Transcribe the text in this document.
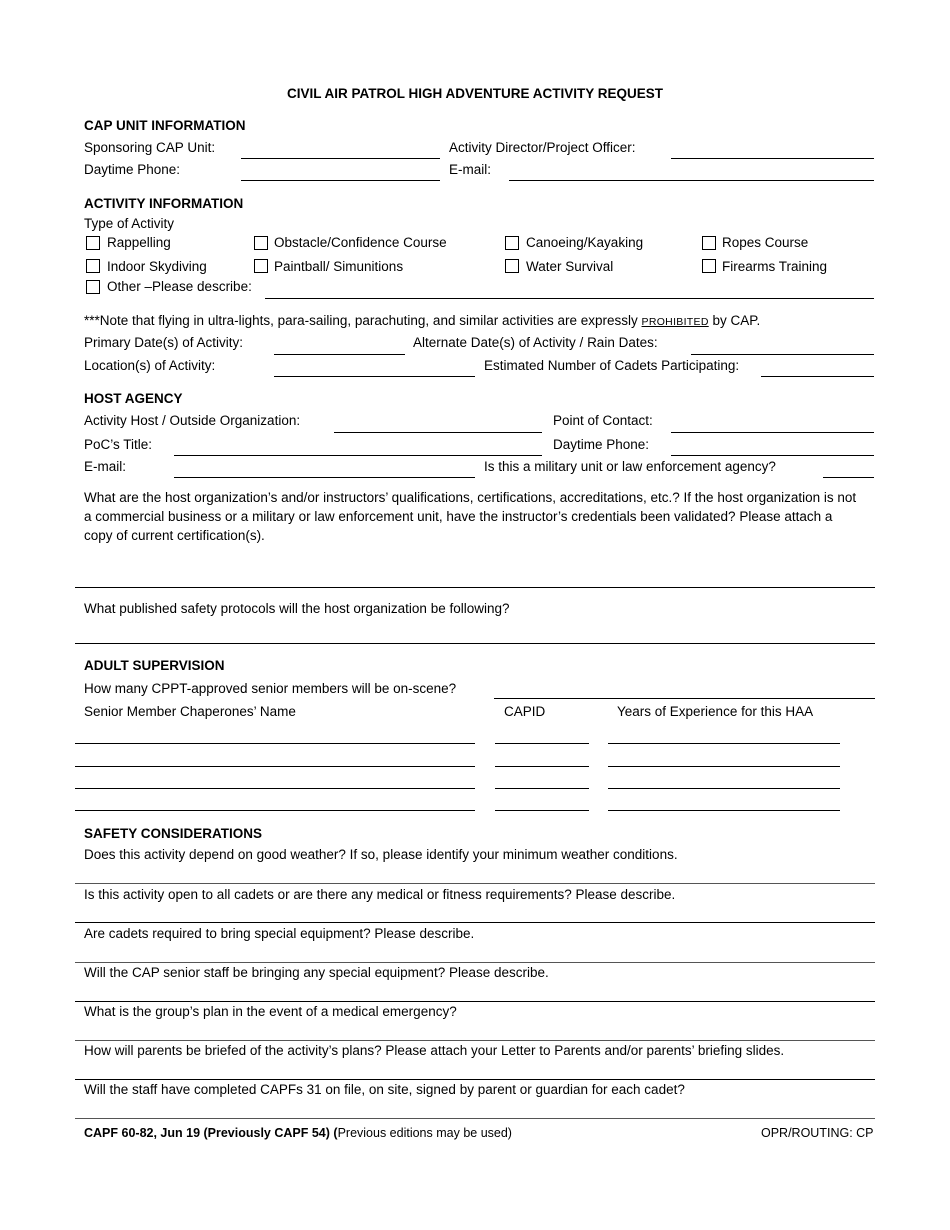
CIVIL AIR PATROL HIGH ADVENTURE ACTIVITY REQUEST
CAP UNIT INFORMATION
Sponsoring CAP Unit:	Activity Director/Project Officer:
Daytime Phone:	E-mail:
ACTIVITY INFORMATION
Type of Activity
Rappelling	Obstacle/Confidence Course	Canoeing/Kayaking	Ropes Course
Indoor Skydiving	Paintball/ Simunitions	Water Survival	Firearms Training
Other –Please describe:
***Note that flying in ultra-lights, para-sailing, parachuting, and similar activities are expressly PROHIBITED by CAP.
Primary Date(s) of Activity:	Alternate Date(s) of Activity / Rain Dates:
Location(s) of Activity:	Estimated Number of Cadets Participating:
HOST AGENCY
Activity Host / Outside Organization:	Point of Contact:
PoC’s Title:	Daytime Phone:
E-mail:	Is this a military unit or law enforcement agency?
What are the host organization’s and/or instructors’ qualifications, certifications, accreditations, etc.? If the host organization is not a commercial business or a military or law enforcement unit, have the instructor’s credentials been validated? Please attach a copy of current certification(s).
What published safety protocols will the host organization be following?
ADULT SUPERVISION
How many CPPT-approved senior members will be on-scene?
Senior Member Chaperones’ Name	CAPID	Years of Experience for this HAA
SAFETY CONSIDERATIONS
Does this activity depend on good weather? If so, please identify your minimum weather conditions.
Is this activity open to all cadets or are there any medical or fitness requirements? Please describe.
Are cadets required to bring special equipment? Please describe.
Will the CAP senior staff be bringing any special equipment? Please describe.
What is the group’s plan in the event of a medical emergency?
How will parents be briefed of the activity’s plans? Please attach your Letter to Parents and/or parents’ briefing slides.
Will the staff have completed CAPFs 31 on file, on site, signed by parent or guardian for each cadet?
CAPF 60-82, Jun 19 (Previously CAPF 54) (Previous editions may be used)	OPR/ROUTING: CP
